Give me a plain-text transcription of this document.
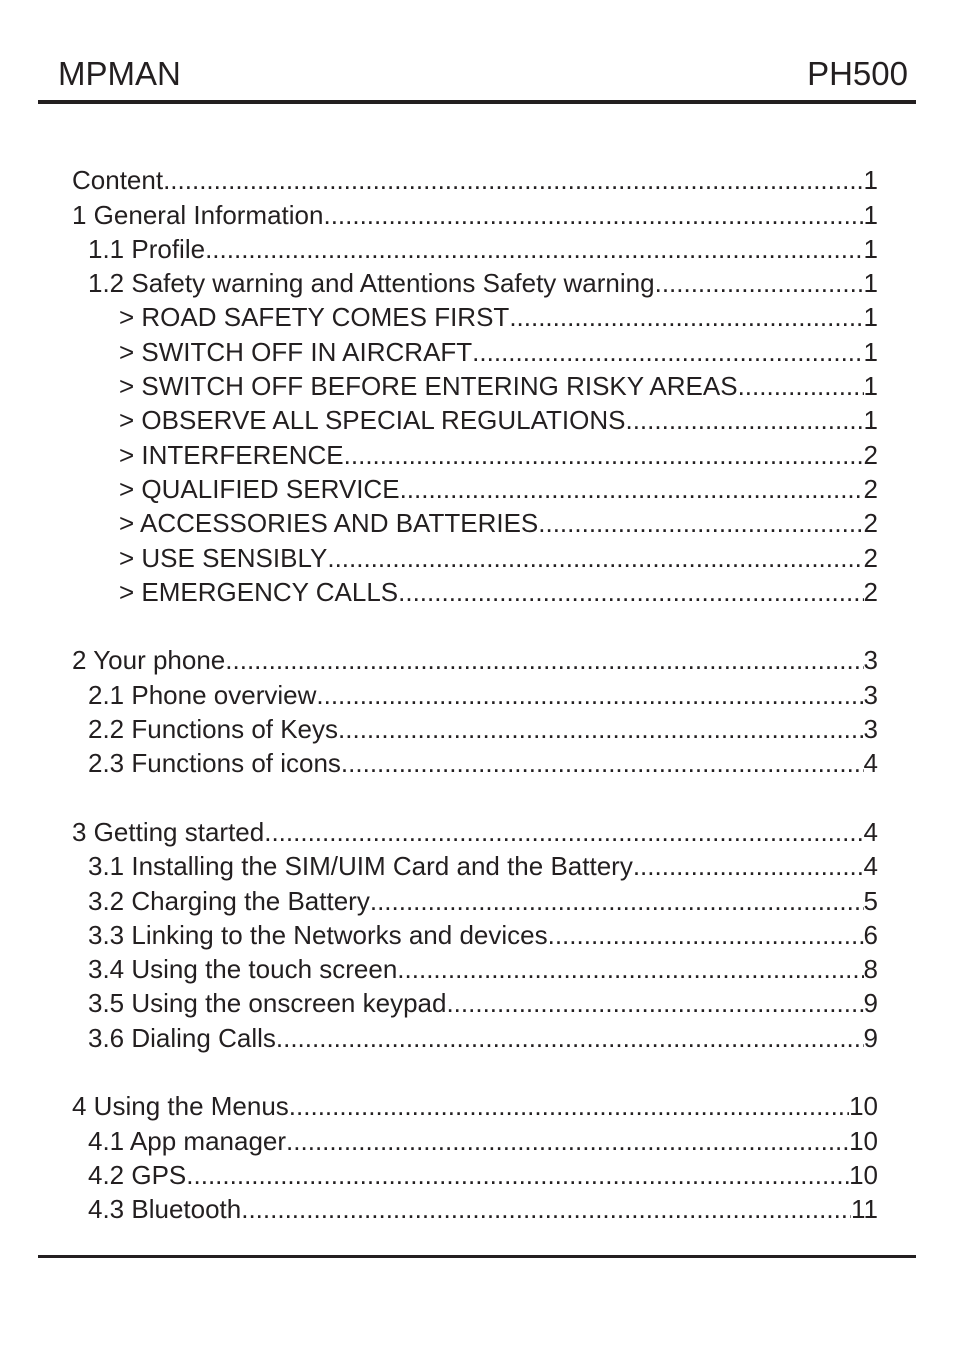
MPMAN	PH500
Content .....	1
1 General Information .....	1
1.1 Profile .....	1
1.2 Safety warning and Attentions Safety warning .....	1
> ROAD SAFETY COMES FIRST .....	1
> SWITCH OFF IN AIRCRAFT .....	1
> SWITCH OFF BEFORE ENTERING RISKY AREAS .....	1
> OBSERVE ALL SPECIAL REGULATIONS .....	1
> INTERFERENCE .....	2
> QUALIFIED SERVICE .....	2
> ACCESSORIES AND BATTERIES .....	2
> USE SENSIBLY .....	2
> EMERGENCY CALLS .....	2
2 Your phone .....	3
2.1 Phone overview .....	3
2.2 Functions of Keys .....	3
2.3 Functions of icons .....	4
3 Getting started .....	4
3.1 Installing the SIM/UIM Card and the Battery .....	4
3.2 Charging the Battery .....	5
3.3 Linking to the Networks and devices .....	6
3.4 Using the touch screen .....	8
3.5 Using the onscreen keypad .....	9
3.6 Dialing Calls .....	9
4 Using the Menus .....	10
4.1 App manager .....	10
4.2 GPS .....	10
4.3 Bluetooth .....	11
